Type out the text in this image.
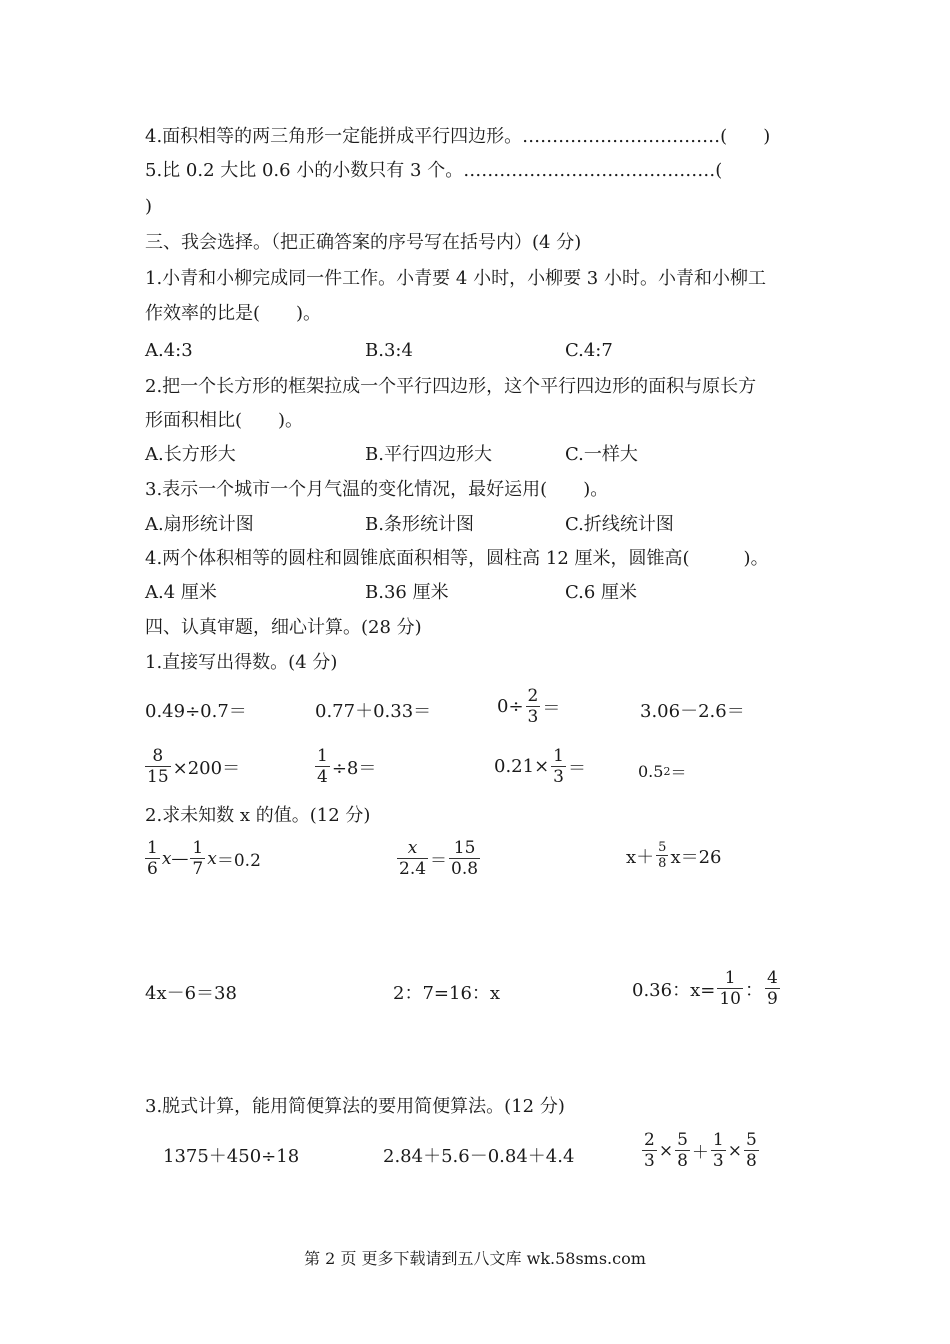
4.面积相等的两三角形一定能拼成平行四边形。……………………………(　　)
5.比 0.2 大比 0.6 小的小数只有 3 个。……………………………………(
)
三、我会选择。（把正确答案的序号写在括号内）(4 分)
1.小青和小柳完成同一件工作。小青要 4 小时，小柳要 3 小时。小青和小柳工
作效率的比是(　　)。
A.4:3	B.3:4	C.4:7
2.把一个长方形的框架拉成一个平行四边形，这个平行四边形的面积与原长方
形面积相比(　　)。
A.长方形大	B.平行四边形大	C.一样大
3.表示一个城市一个月气温的变化情况，最好运用(　　)。
A.扇形统计图	B.条形统计图	C.折线统计图
4.两个体积相等的圆柱和圆锥底面积相等，圆柱高 12 厘米，圆锥高(　　　)。
A.4 厘米	B.36 厘米	C.6 厘米
四、认真审题，细心计算。(28 分)
1.直接写出得数。(4 分)
0.49÷0.7＝	0.77＋0.33＝	$0\div \frac{2}{3}$ ＝	3.06－2.6＝
$\frac{8}{15} \times 200=$	$\frac{1}{4} \div 8=$	$0.21\times \frac{1}{3}$ ＝	0.5 2 ＝
2.求未知数 x 的值。(12 分)
$\frac{1}{6}$ x — $\frac{1}{7}$ x ＝0.2	$\frac{x}{2.4} = \frac{15}{0.8}$	$x+ \frac{5}{8} x=26$
4x－6＝38	2：7=16：x	0.36：$x= \frac{1}{10}$ ： $\frac{4}{9}$
3.脱式计算，能用简便算法的要用简便算法。(12 分)
1375＋450÷18	2.84＋5.6－0.84＋4.4	$\frac{2}{3} \times \frac{5}{8} + \frac{1}{3} \times \frac{5}{8}$
第 2 页 更多下载请到五八文库 wk.58sms.com
